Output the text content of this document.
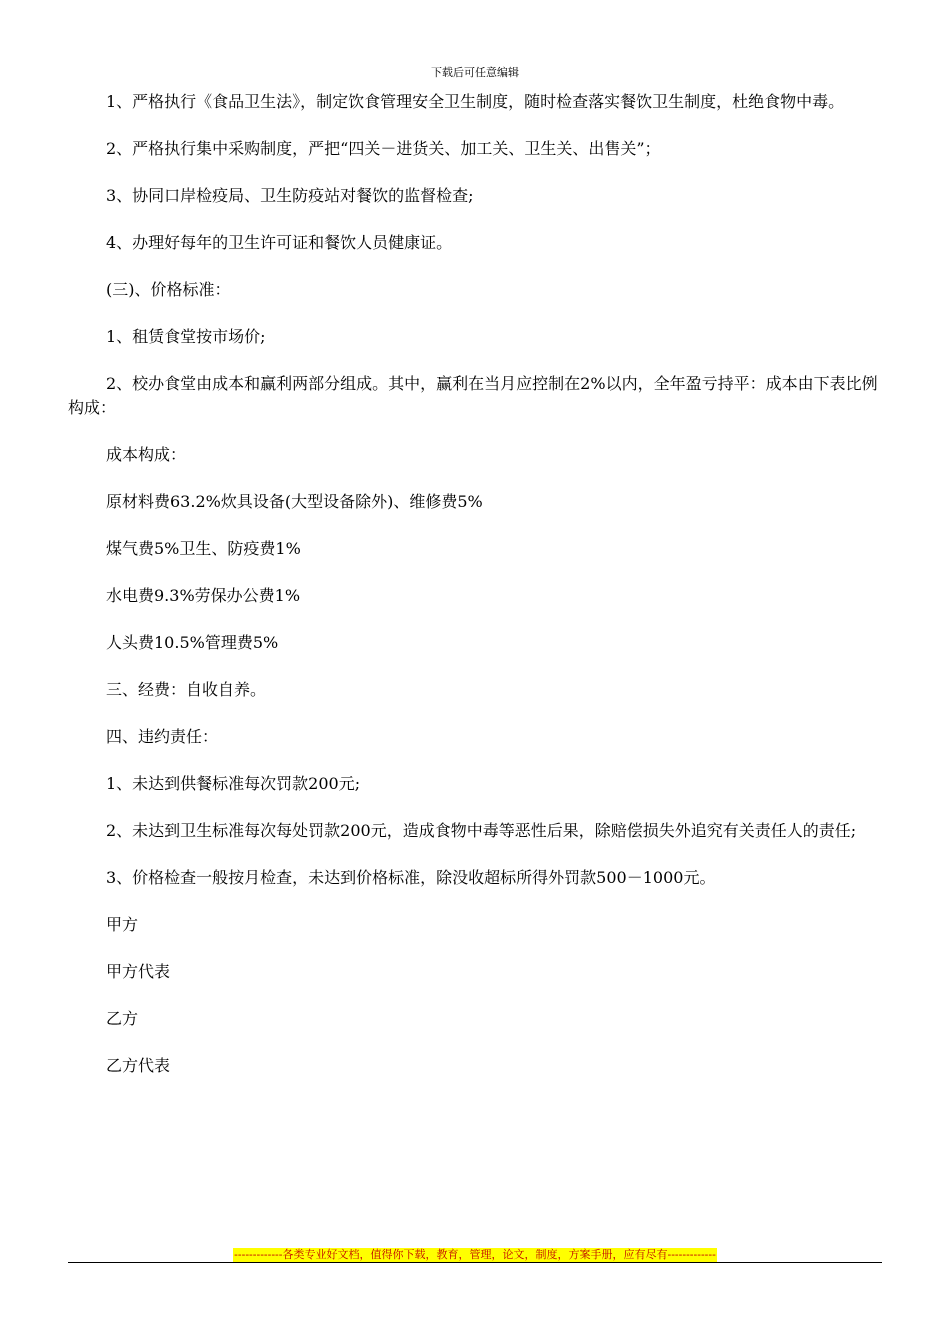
下载后可任意编辑

1、严格执行《食品卫生法》，制定饮食管理安全卫生制度，随时检查落实餐饮卫生制度，杜绝食物中毒。

2、严格执行集中采购制度，严把“四关－进货关、加工关、卫生关、出售关”；

3、协同口岸检疫局、卫生防疫站对餐饮的监督检查;

4、办理好每年的卫生许可证和餐饮人员健康证。

(三)、价格标准：

1、租赁食堂按市场价;

2、校办食堂由成本和赢利两部分组成。其中，赢利在当月应控制在2%以内，全年盈亏持平：成本由下表比例构成：

成本构成：

原材料费63.2%炊具设备(大型设备除外)、维修费5%

煤气费5%卫生、防疫费1%

水电费9.3%劳保办公费1%

人头费10.5%管理费5%

三、经费：自收自养。

四、违约责任：

1、未达到供餐标准每次罚款200元;

2、未达到卫生标准每次每处罚款200元，造成食物中毒等恶性后果，除赔偿损失外追究有关责任人的责任;

3、价格检查一般按月检查，未达到价格标准，除没收超标所得外罚款500－1000元。

甲方

甲方代表

乙方

乙方代表

-------------各类专业好文档，值得你下载，教育，管理，论文，制度，方案手册，应有尽有-------------
